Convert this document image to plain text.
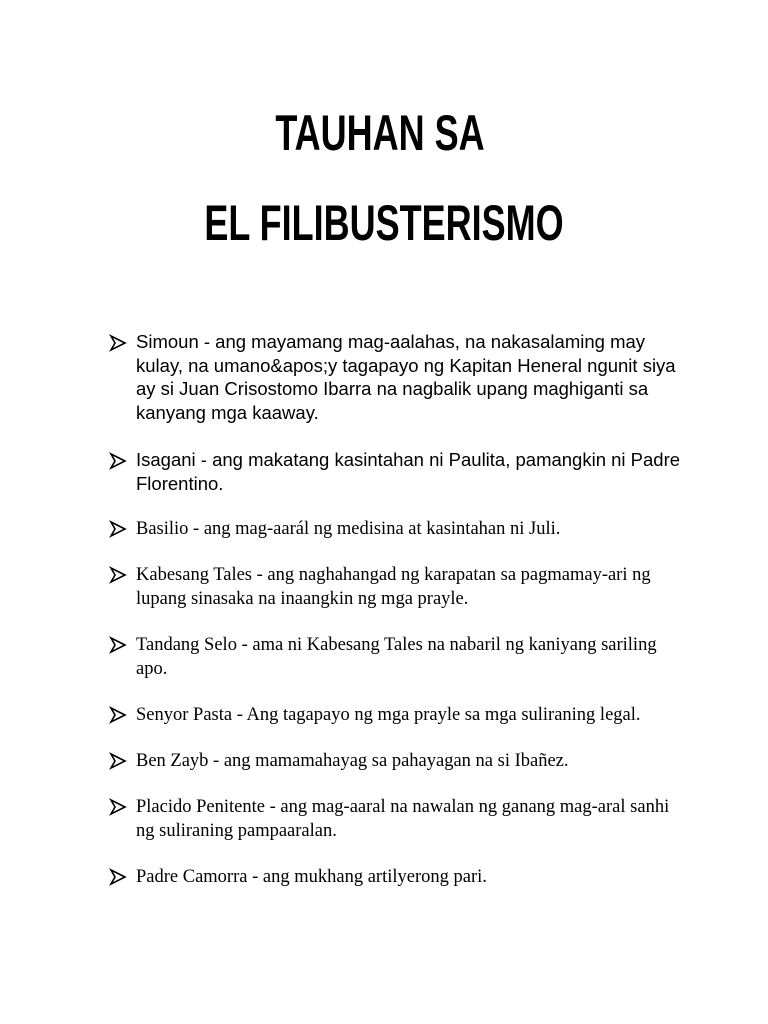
TAUHAN SA
EL FILIBUSTERISMO
Simoun - ang mayamang mag-aalahas, na nakasalaming may kulay, na umano&apos;y tagapayo ng Kapitan Heneral ngunit siya ay si Juan Crisostomo Ibarra na nagbalik upang maghiganti sa kanyang mga kaaway.
Isagani - ang makatang kasintahan ni Paulita, pamangkin ni Padre Florentino.
Basilio - ang mag-aarál ng medisina at kasintahan ni Juli.
Kabesang Tales - ang naghahangad ng karapatan sa pagmamay-ari ng lupang sinasaka na inaangkin ng mga prayle.
Tandang Selo - ama ni Kabesang Tales na nabaril ng kaniyang sariling apo.
Senyor Pasta - Ang tagapayo ng mga prayle sa mga suliraning legal.
Ben Zayb - ang mamamahayag sa pahayagan na si Ibañez.
Placido Penitente - ang mag-aaral na nawalan ng ganang mag-aral sanhi ng suliraning pampaaralan.
Padre Camorra - ang mukhang artilyerong pari.
